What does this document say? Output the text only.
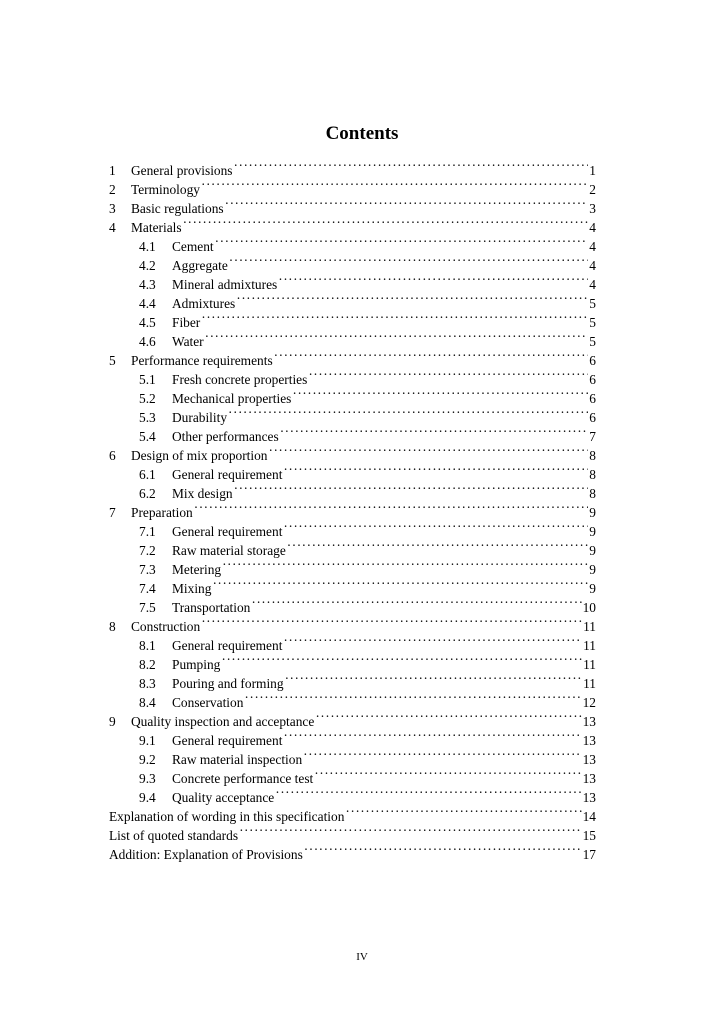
Contents
1	General provisions ·····	1
2	Terminology ·····	2
3	Basic regulations ·····	3
4	Materials ·····	4
4.1	Cement ·····	4
4.2	Aggregate ·····	4
4.3	Mineral admixtures ·····	4
4.4	Admixtures ·····	5
4.5	Fiber ·····	5
4.6	Water ·····	5
5	Performance requirements ·····	6
5.1	Fresh concrete properties ·····	6
5.2	Mechanical properties ·····	6
5.3	Durability ·····	6
5.4	Other performances ·····	7
6	Design of mix proportion ·····	8
6.1	General requirement ·····	8
6.2	Mix design ·····	8
7	Preparation ·····	9
7.1	General requirement ·····	9
7.2	Raw material storage ·····	9
7.3	Metering ·····	9
7.4	Mixing ·····	9
7.5	Transportation ·····	10
8	Construction ·····	11
8.1	General requirement ·····	11
8.2	Pumping ·····	11
8.3	Pouring and forming ·····	11
8.4	Conservation ·····	12
9	Quality inspection and acceptance ·····	13
9.1	General requirement ·····	13
9.2	Raw material inspection ·····	13
9.3	Concrete performance test ·····	13
9.4	Quality acceptance ·····	13
Explanation of wording in this specification ·····	14
List of quoted standards ·····	15
Addition: Explanation of Provisions ·····	17
IV
